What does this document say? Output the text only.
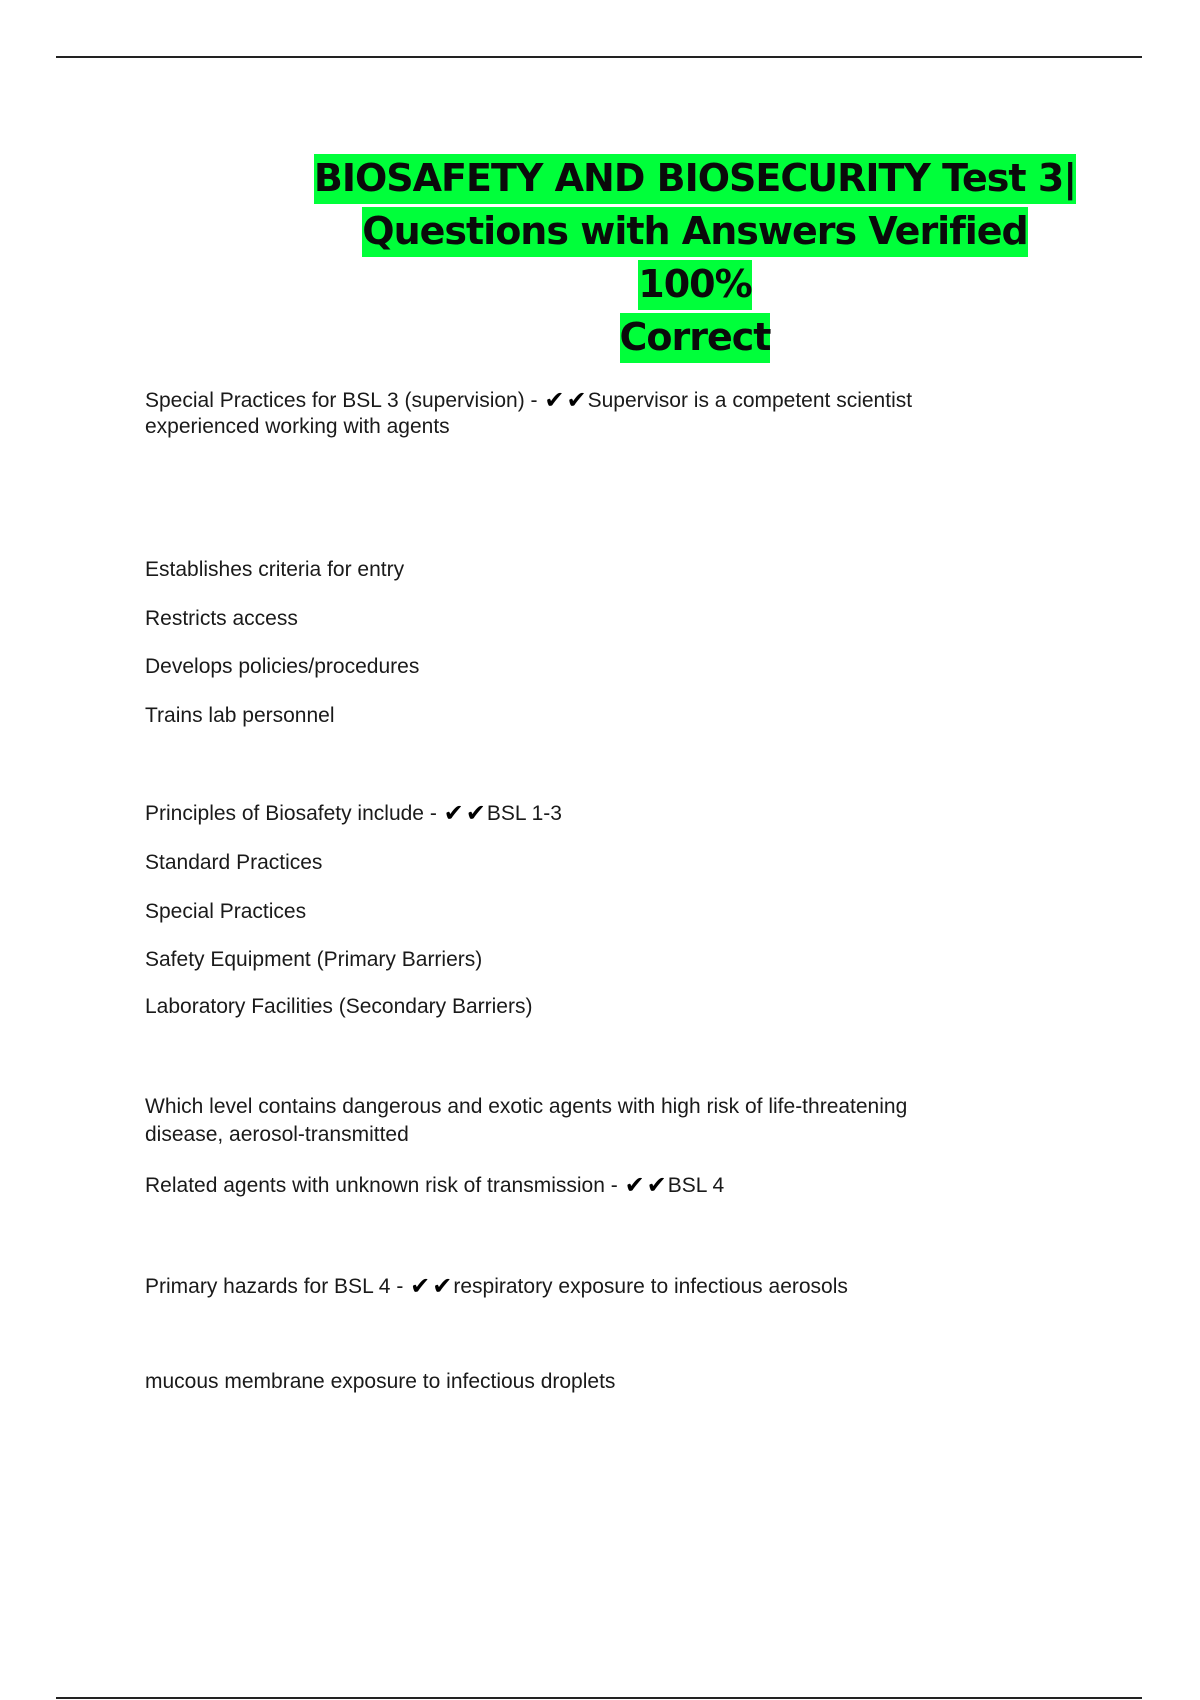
BIOSAFETY AND BIOSECURITY Test 3|
Questions with Answers Verified 100%
Correct
Special Practices for BSL 3 (supervision) - ✔✔Supervisor is a competent scientist
experienced working with agents
Establishes criteria for entry
Restricts access
Develops policies/procedures
Trains lab personnel
Principles of Biosafety include - ✔✔BSL 1-3
Standard Practices
Special Practices
Safety Equipment (Primary Barriers)
Laboratory Facilities (Secondary Barriers)
Which level contains dangerous and exotic agents with high risk of life-threatening
disease, aerosol-transmitted
Related agents with unknown risk of transmission - ✔✔BSL 4
Primary hazards for BSL 4 - ✔✔respiratory exposure to infectious aerosols
mucous membrane exposure to infectious droplets
